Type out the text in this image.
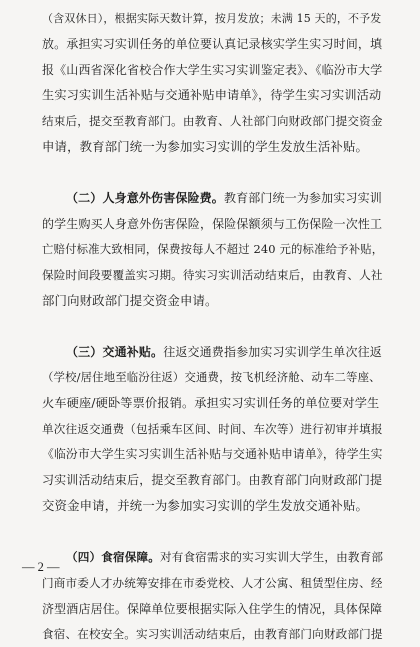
（含双休日），根据实际天数计算，按月发放；未满 15 天的，不予发
放。承担实习实训任务的单位要认真记录核实学生实习时间，填
报《山西省深化省校合作大学生实习实训鉴定表》、《临汾市大学
生实习实训生活补贴与交通补贴申请单》，待学生实习实训活动
结束后，提交至教育部门。由教育、人社部门向财政部门提交资金
申请，教育部门统一为参加实习实训的学生发放生活补贴。
（二）人身意外伤害保险费。教育部门统一为参加实习实训
的学生购买人身意外伤害保险，保险保额须与工伤保险一次性工
亡赔付标准大致相同，保费按每人不超过 240 元的标准给予补贴，
保险时间段要覆盖实习期。待实习实训活动结束后，由教育、人社
部门向财政部门提交资金申请。
（三）交通补贴。往返交通费指参加实习实训学生单次往返
（学校/居住地至临汾往返）交通费，按飞机经济舱、动车二等座、
火车硬座/硬卧等票价报销。承担实习实训任务的单位要对学生
单次往返交通费（包括乘车区间、时间、车次等）进行初审并填报
《临汾市大学生实习实训生活补贴与交通补贴申请单》，待学生实
习实训活动结束后，提交至教育部门。由教育部门向财政部门提
交资金申请，并统一为参加实习实训的学生发放交通补贴。
（四）食宿保障。对有食宿需求的实习实训大学生，由教育部
门商市委人才办统筹安排在市委党校、人才公寓、租赁型住房、经
济型酒店居住。保障单位要根据实际入住学生的情况，具体保障
食宿、在校安全。实习实训活动结束后，由教育部门向财政部门提
— 2 —
